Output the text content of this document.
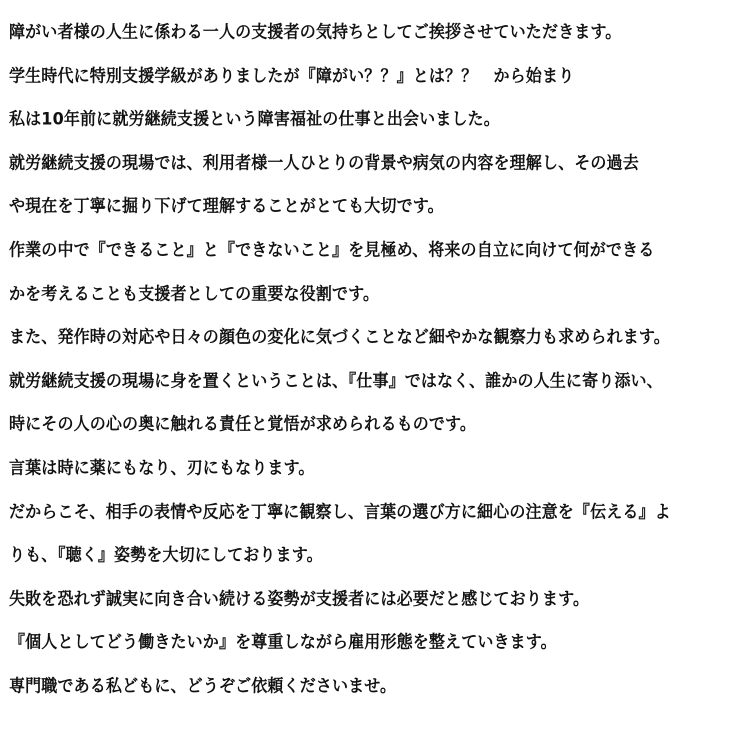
障がい者様の人生に係わる一人の支援者の気持ちとしてご挨拶させていただきます。
学生時代に特別支援学級がありましたが『障がい？？』とは？？　から始まり
私は10年前に就労継続支援という障害福祉の仕事と出会いました。
就労継続支援の現場では、利用者様一人ひとりの背景や病気の内容を理解し、その過去
や現在を丁寧に掘り下げて理解することがとても大切です。
作業の中で『できること』と『できないこと』を見極め、将来の自立に向けて何ができる
かを考えることも支援者としての重要な役割です。
また、発作時の対応や日々の顔色の変化に気づくことなど細やかな観察力も求められます。
就労継続支援の現場に身を置くということは、『仕事』ではなく、誰かの人生に寄り添い、
時にその人の心の奥に触れる責任と覚悟が求められるものです。
言葉は時に薬にもなり、刃にもなります。
だからこそ、相手の表情や反応を丁寧に観察し、言葉の選び方に細心の注意を『伝える』よ
りも、『聴く』姿勢を大切にしております。
失敗を恐れず誠実に向き合い続ける姿勢が支援者には必要だと感じております。
『個人としてどう働きたいか』を尊重しながら雇用形態を整えていきます。
専門職である私どもに、どうぞご依頼くださいませ。
